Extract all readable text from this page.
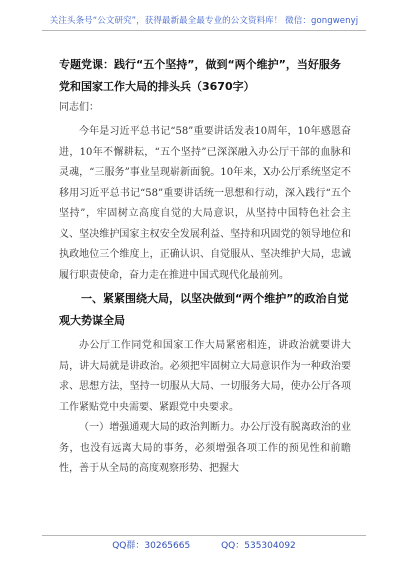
关注头条号“公文研究”，获得最新最全最专业的公文资料库！ 微信：gongwenyj

专题党课：践行“五个坚持”，做到“两个维护”，当好服务党和国家工作大局的排头兵（3670字）

同志们：

今年是习近平总书记“58”重要讲话发表10周年，10年感恩奋进，10年不懈耕耘，“五个坚持”已深深融入办公厅干部的血脉和灵魂，“三服务”事业呈现崭新面貌。10年来，X办公厅系统坚定不移用习近平总书记“58”重要讲话统一思想和行动，深入践行“五个坚持”，牢固树立高度自觉的大局意识，从坚持中国特色社会主义、坚决维护国家主权安全发展利益、坚持和巩固党的领导地位和执政地位三个维度上，正确认识、自觉服从、坚决维护大局，忠诚履行职责使命，奋力走在推进中国式现代化最前列。

一、紧紧围绕大局，以坚决做到“两个维护”的政治自觉观大势谋全局

办公厅工作同党和国家工作大局紧密相连，讲政治就要讲大局，讲大局就是讲政治。必须把牢固树立大局意识作为一种政治要求、思想方法，坚持一切服从大局、一切服务大局，使办公厅各项工作紧贴党中央需要、紧跟党中央要求。

（一）增强通观大局的政治判断力。办公厅没有脱离政治的业务，也没有远离大局的事务，必须增强各项工作的预见性和前瞻性，善于从全局的高度观察形势、把握大

QQ群：30265665	QQ：535304092
